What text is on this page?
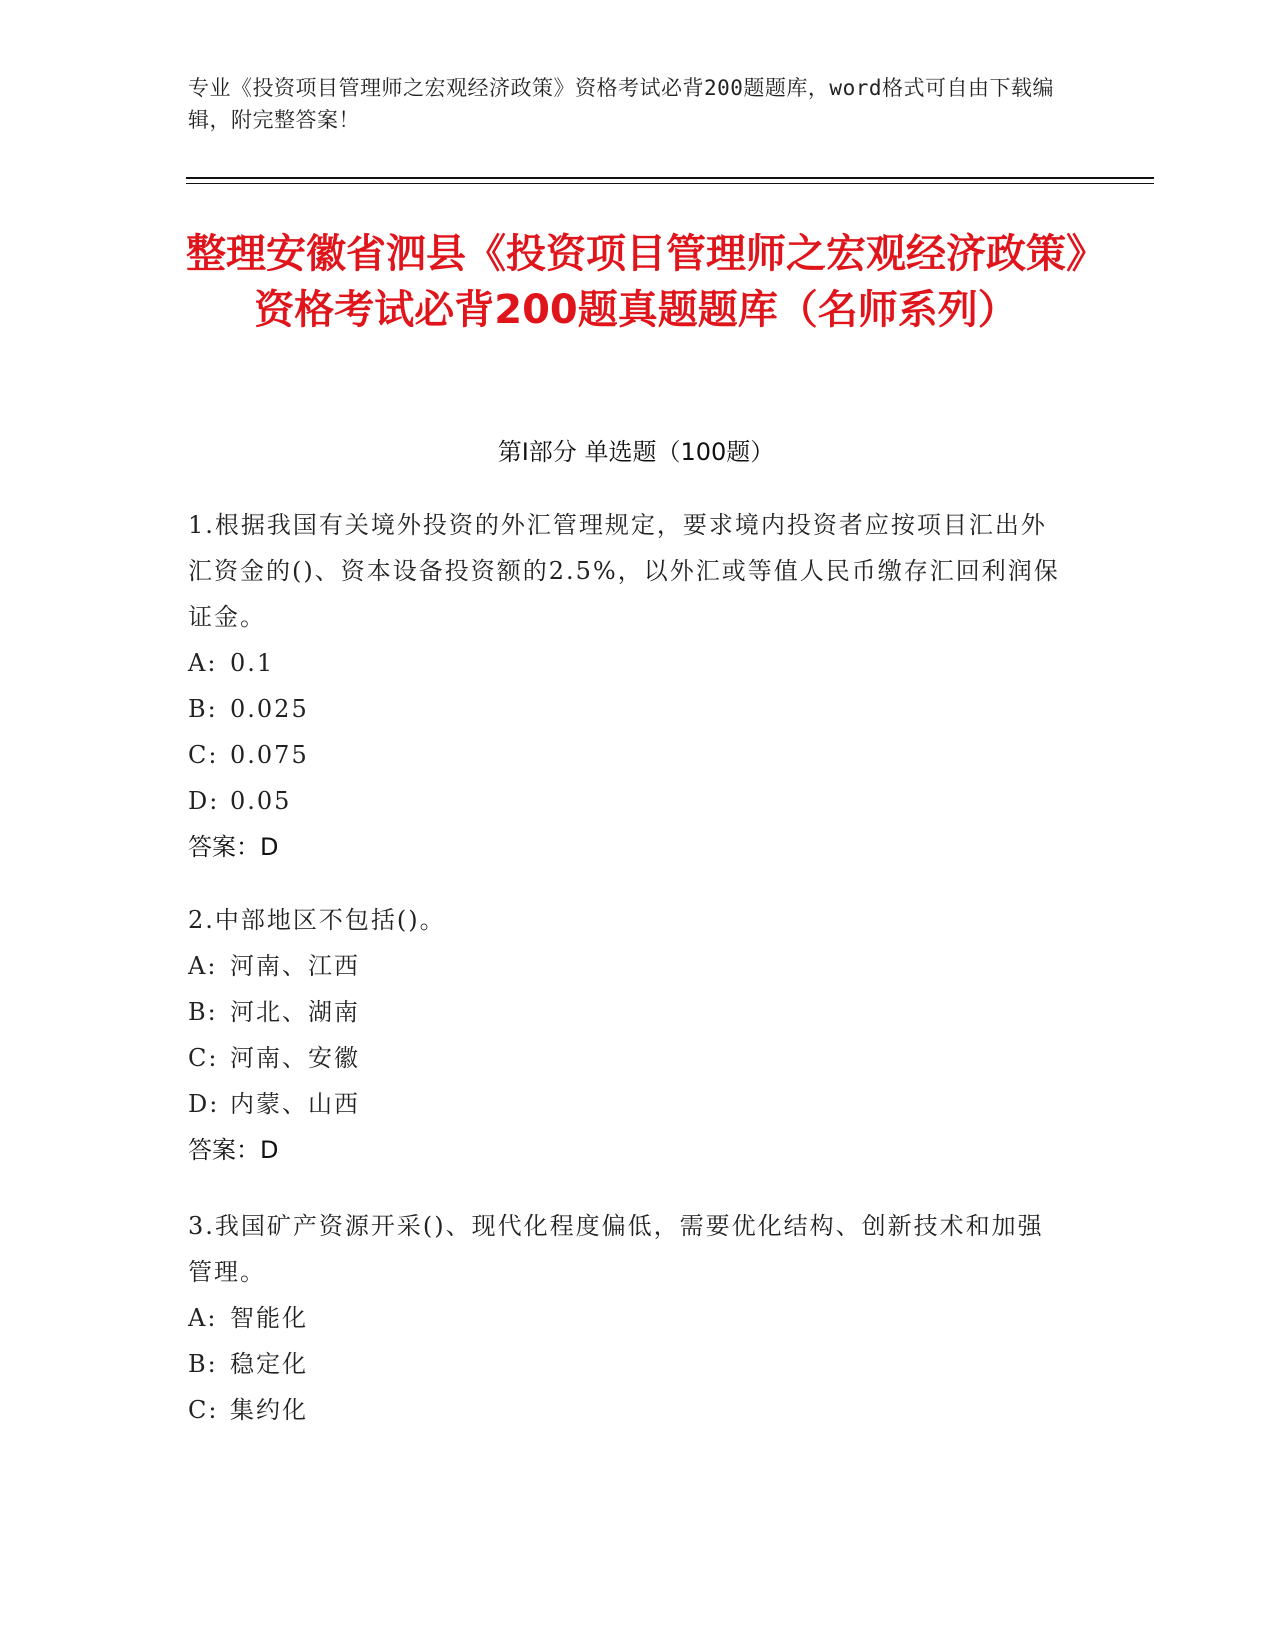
专业《投资项目管理师之宏观经济政策》资格考试必背200题题库，word格式可自由下载编辑，附完整答案！
整理安徽省泗县《投资项目管理师之宏观经济政策》资格考试必背200题真题题库（名师系列）
第I部分 单选题（100题）

1.根据我国有关境外投资的外汇管理规定，要求境内投资者应按项目汇出外汇资金的()、资本设备投资额的2.5%，以外汇或等值人民币缴存汇回利润保证金。

A: 0.1

B: 0.025

C: 0.075

D: 0.05

答案：D

2.中部地区不包括()。

A: 河南、江西

B: 河北、湖南

C: 河南、安徽

D: 内蒙、山西

答案：D

3.我国矿产资源开采()、现代化程度偏低，需要优化结构、创新技术和加强管理。

A: 智能化

B: 稳定化

C: 集约化
